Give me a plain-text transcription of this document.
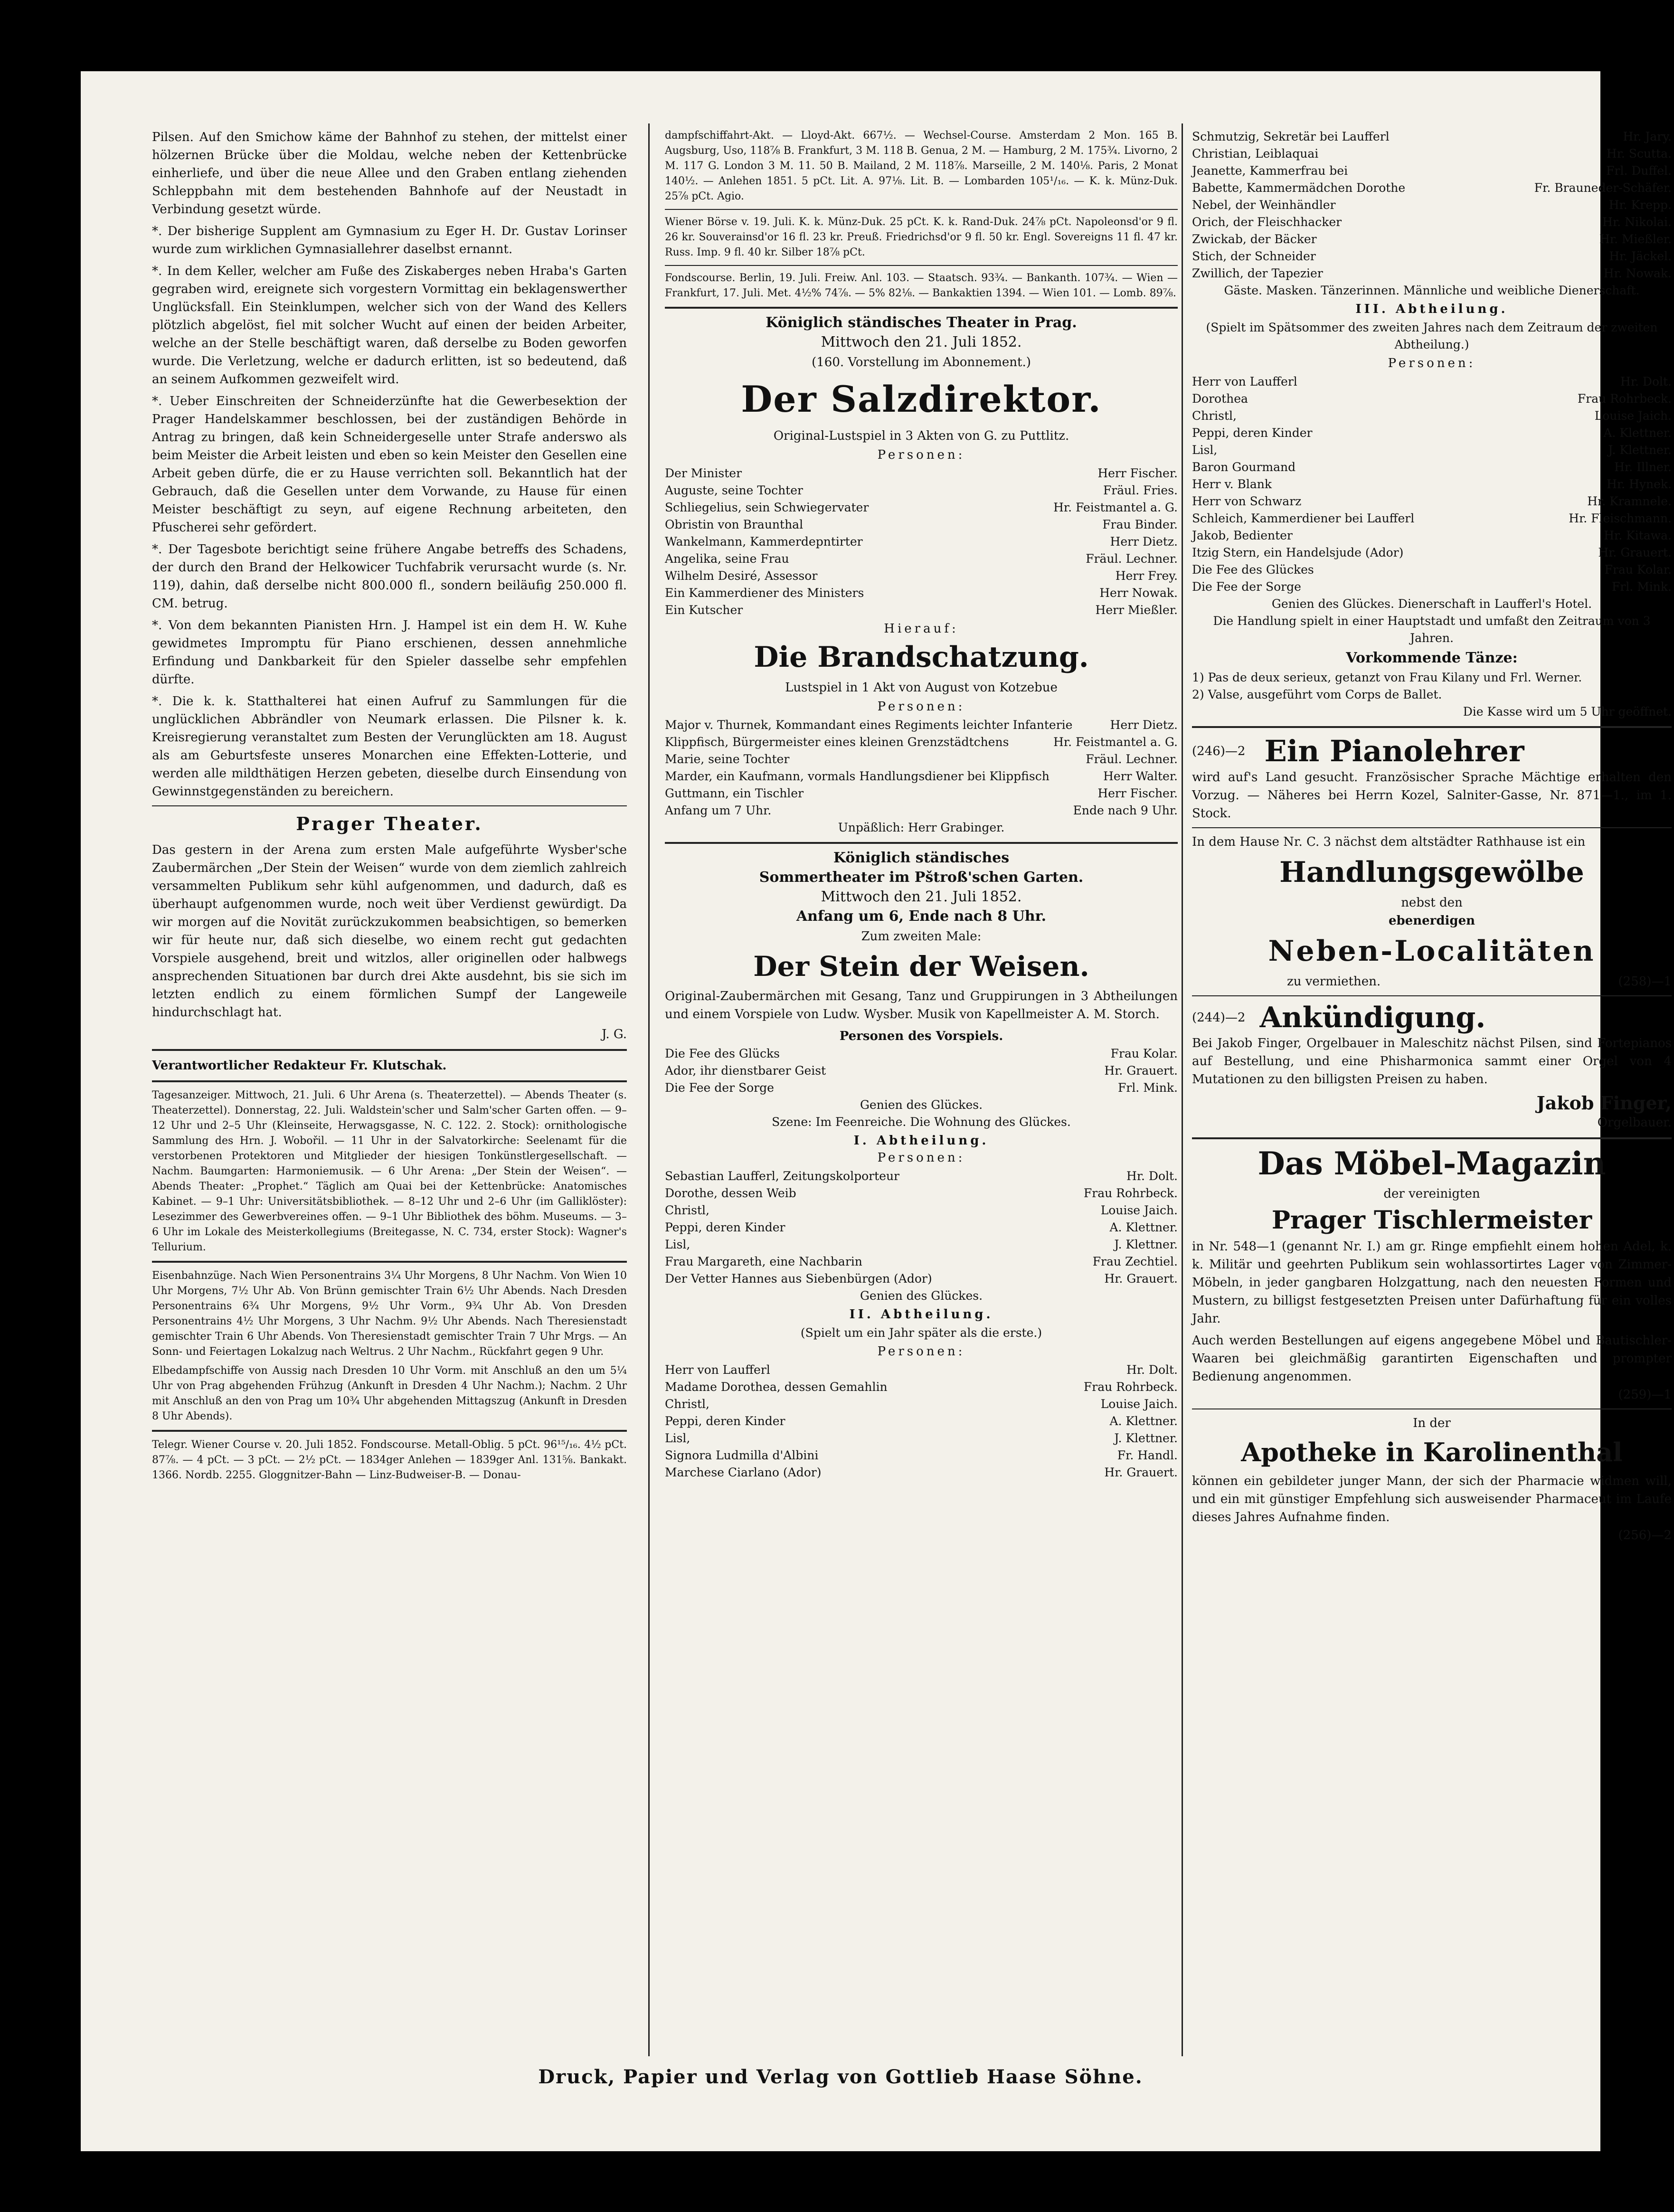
Pilsen. Auf den Smichow käme der Bahnhof zu stehen, der mittelst einer hölzernen Brücke über die Moldau, welche neben der Kettenbrücke einherliefe, und über die neue Allee und den Graben entlang ziehenden Schleppbahn mit dem bestehenden Bahnhofe auf der Neustadt in Verbindung gesetzt würde.

*. Der bisherige Supplent am Gymnasium zu Eger H. Dr. Gustav Lorinser wurde zum wirklichen Gymnasiallehrer daselbst ernannt.

*. In dem Keller, welcher am Fuße des Ziskaberges neben Hraba's Garten gegraben wird, ereignete sich vorgestern Vormittag ein beklagenswerther Unglücksfall. Ein Steinklumpen, welcher sich von der Wand des Kellers plötzlich abgelöst, fiel mit solcher Wucht auf einen der beiden Arbeiter, welche an der Stelle beschäftigt waren, daß derselbe zu Boden geworfen wurde. Die Verletzung, welche er dadurch erlitten, ist so bedeutend, daß an seinem Aufkommen gezweifelt wird.

*. Ueber Einschreiten der Schneiderzünfte hat die Gewerbesektion der Prager Handelskammer beschlossen, bei der zuständigen Behörde in Antrag zu bringen, daß kein Schneidergeselle unter Strafe anderswo als beim Meister die Arbeit leisten und eben so kein Meister den Gesellen eine Arbeit geben dürfe, die er zu Hause verrichten soll. Bekanntlich hat der Gebrauch, daß die Gesellen unter dem Vorwande, zu Hause für einen Meister beschäftigt zu seyn, auf eigene Rechnung arbeiteten, den Pfuscherei sehr gefördert.

*. Der Tagesbote berichtigt seine frühere Angabe betreffs des Schadens, der durch den Brand der Helkowicer Tuchfabrik verursacht wurde (s. Nr. 119), dahin, daß derselbe nicht 800.000 fl., sondern beiläufig 250.000 fl. CM. betrug.

*. Von dem bekannten Pianisten Hrn. J. Hampel ist ein dem H. W. Kuhe gewidmetes Impromptu für Piano erschienen, dessen annehmliche Erfindung und Dankbarkeit für den Spieler dasselbe sehr empfehlen dürfte.

*. Die k. k. Statthalterei hat einen Aufruf zu Sammlungen für die unglücklichen Abbrändler von Neumark erlassen. Die Pilsner k. k. Kreisregierung veranstaltet zum Besten der Verunglückten am 18. August als am Geburtsfeste unseres Monarchen eine Effekten-Lotterie, und werden alle mildthätigen Herzen gebeten, dieselbe durch Einsendung von Gewinnstgegenständen zu bereichern.

Prager Theater.

Das gestern in der Arena zum ersten Male aufgeführte Wysber'sche Zaubermärchen „Der Stein der Weisen“ wurde von dem ziemlich zahlreich versammelten Publikum sehr kühl aufgenommen, und dadurch, daß es überhaupt aufgenommen wurde, noch weit über Verdienst gewürdigt. Da wir morgen auf die Novität zurückzukommen beabsichtigen, so bemerken wir für heute nur, daß sich dieselbe, wo einem recht gut gedachten Vorspiele ausgehend, breit und witzlos, aller originellen oder halbwegs ansprechenden Situationen bar durch drei Akte ausdehnt, bis sie sich im letzten endlich zu einem förmlichen Sumpf der Langeweile hindurchschlagt hat.

J. G.

Verantwortlicher Redakteur Fr. Klutschak.

Tagesanzeiger. Mittwoch, 21. Juli. 6 Uhr Arena (s. Theaterzettel). — Abends Theater (s. Theaterzettel). Donnerstag, 22. Juli. Waldstein'scher und Salm'scher Garten offen. — 9–12 Uhr und 2–5 Uhr (Kleinseite, Herwagsgasse, N. C. 122. 2. Stock): ornithologische Sammlung des Hrn. J. Wobořil. — 11 Uhr in der Salvatorkirche: Seelenamt für die verstorbenen Protektoren und Mitglieder der hiesigen Tonkünstlergesellschaft. — Nachm. Baumgarten: Harmoniemusik. — 6 Uhr Arena: „Der Stein der Weisen“. — Abends Theater: „Prophet.“ Täglich am Quai bei der Kettenbrücke: Anatomisches Kabinet. — 9–1 Uhr: Universitätsbibliothek. — 8–12 Uhr und 2–6 Uhr (im Galliklöster): Lesezimmer des Gewerbvereines offen. — 9–1 Uhr Bibliothek des böhm. Museums. — 3–6 Uhr im Lokale des Meisterkollegiums (Breitegasse, N. C. 734, erster Stock): Wagner's Tellurium.

Eisenbahnzüge. Nach Wien Personentrains 3¼ Uhr Morgens, 8 Uhr Nachm. Von Wien 10 Uhr Morgens, 7½ Uhr Ab. Von Brünn gemischter Train 6½ Uhr Abends. Nach Dresden Personentrains 6¾ Uhr Morgens, 9½ Uhr Vorm., 9¾ Uhr Ab. Von Dresden Personentrains 4½ Uhr Morgens, 3 Uhr Nachm. 9½ Uhr Abends. Nach Theresienstadt gemischter Train 6 Uhr Abends. Von Theresienstadt gemischter Train 7 Uhr Mrgs. — An Sonn- und Feiertagen Lokalzug nach Weltrus. 2 Uhr Nachm., Rückfahrt gegen 9 Uhr.

Elbedampfschiffe von Aussig nach Dresden 10 Uhr Vorm. mit Anschluß an den um 5¼ Uhr von Prag abgehenden Frühzug (Ankunft in Dresden 4 Uhr Nachm.); Nachm. 2 Uhr mit Anschluß an den von Prag um 10¾ Uhr abgehenden Mittagszug (Ankunft in Dresden 8 Uhr Abends).

Telegr. Wiener Course v. 20. Juli 1852. Fondscourse. Metall-Oblig. 5 pCt. 96¹⁵/₁₆. 4½ pCt. 87⅞. — 4 pCt. — 3 pCt. — 2½ pCt. — 1834ger Anlehen — 1839ger Anl. 131⅝. Bankakt. 1366. Nordb. 2255. Gloggnitzer-Bahn — Linz-Budweiser-B. — Donau-

dampfschiffahrt-Akt. — Lloyd-Akt. 667½. — Wechsel-Course. Amsterdam 2 Mon. 165 B. Augsburg, Uso, 118⅞ B. Frankfurt, 3 M. 118 B. Genua, 2 M. — Hamburg, 2 M. 175¾. Livorno, 2 M. 117 G. London 3 M. 11. 50 B. Mailand, 2 M. 118⅞. Marseille, 2 M. 140⅛. Paris, 2 Monat 140½. — Anlehen 1851. 5 pCt. Lit. A. 97⅛. Lit. B. — Lombarden 105¹/₁₆. — K. k. Münz-Duk. 25⅞ pCt. Agio.

Wiener Börse v. 19. Juli. K. k. Münz-Duk. 25 pCt. K. k. Rand-Duk. 24⅞ pCt. Napoleonsd'or 9 fl. 26 kr. Souverainsd'or 16 fl. 23 kr. Preuß. Friedrichsd'or 9 fl. 50 kr. Engl. Sovereigns 11 fl. 47 kr. Russ. Imp. 9 fl. 40 kr. Silber 18⅞ pCt.

Fondscourse. Berlin, 19. Juli. Freiw. Anl. 103. — Staatsch. 93¾. — Bankanth. 107¾. — Wien — Frankfurt, 17. Juli. Met. 4½% 74⅞. — 5% 82⅛. — Bankaktien 1394. — Wien 101. — Lomb. 89⅞.

Königlich ständisches Theater in Prag.
Mittwoch den 21. Juli 1852.
(160. Vorstellung im Abonnement.)
Der Salzdirektor.
Original-Lustspiel in 3 Akten von G. zu Puttlitz.
Personen:
Der Minister	Herr Fischer.
Auguste, seine Tochter	Fräul. Fries.
Schliegelius, sein Schwiegervater	Hr. Feistmantel a. G.
Obristin von Braunthal	Frau Binder.
Wankelmann, Kammerdepntirter	Herr Dietz.
Angelika, seine Frau	Fräul. Lechner.
Wilhelm Desiré, Assessor	Herr Frey.
Ein Kammerdiener des Ministers	Herr Nowak.
Ein Kutscher	Herr Mießler.
Hierauf:
Die Brandschatzung.
Lustspiel in 1 Akt von August von Kotzebue
Personen:
Major v. Thurnek, Kommandant eines Regiments leichter Infanterie	Herr Dietz.
Klippfisch, Bürgermeister eines kleinen Grenzstädtchens	Hr. Feistmantel a. G.
Marie, seine Tochter	Fräul. Lechner.
Marder, ein Kaufmann, vormals Handlungsdiener bei Klippfisch	Herr Walter.
Guttmann, ein Tischler	Herr Fischer.
Anfang um 7 Uhr.	Ende nach 9 Uhr.
Unpäßlich: Herr Grabinger.
Königlich ständisches
Sommertheater im Pštroß'schen Garten.
Mittwoch den 21. Juli 1852.
Anfang um 6, Ende nach 8 Uhr.
Zum zweiten Male:
Der Stein der Weisen.

Original-Zaubermärchen mit Gesang, Tanz und Gruppirungen in 3 Abtheilungen und einem Vorspiele von Ludw. Wysber. Musik von Kapellmeister A. M. Storch.

Personen des Vorspiels.
Die Fee des Glücks	Frau Kolar.
Ador, ihr dienstbarer Geist	Hr. Grauert.
Die Fee der Sorge	Frl. Mink.
Genien des Glückes.
Szene: Im Feenreiche. Die Wohnung des Glückes.
I. Abtheilung.
Personen:
Sebastian Laufferl, Zeitungskolporteur	Hr. Dolt.
Dorothe, dessen Weib	Frau Rohrbeck.
Christl,	Louise Jaich.
Peppi, deren Kinder	A. Klettner.
Lisl,	J. Klettner.
Frau Margareth, eine Nachbarin	Frau Zechtiel.
Der Vetter Hannes aus Siebenbürgen (Ador)	Hr. Grauert.
Genien des Glückes.
II. Abtheilung.
(Spielt um ein Jahr später als die erste.)
Personen:
Herr von Laufferl	Hr. Dolt.
Madame Dorothea, dessen Gemahlin	Frau Rohrbeck.
Christl,	Louise Jaich.
Peppi, deren Kinder	A. Klettner.
Lisl,	J. Klettner.
Signora Ludmilla d'Albini	Fr. Handl.
Marchese Ciarlano (Ador)	Hr. Grauert.
Schmutzig, Sekretär bei Laufferl	Hr. Jary.
Christian, Leiblaquai	Hr. Scutta.
Jeanette, Kammerfrau bei	Frl. Duffel.
Babette, Kammermädchen Dorothe	Fr. Brauneder-Schäfer.
Nebel, der Weinhändler	Hr. Krepp.
Orich, der Fleischhacker	Hr. Nikolai.
Zwickab, der Bäcker	Hr. Mießler.
Stich, der Schneider	Hr. Jäckel.
Zwillich, der Tapezier	Hr. Nowak.
Gäste. Masken. Tänzerinnen. Männliche und weibliche Dienerschaft.
III. Abtheilung.
(Spielt im Spätsommer des zweiten Jahres nach dem Zeitraum der zweiten Abtheilung.)
Personen:
Herr von Laufferl	Hr. Dolt.
Dorothea	Frau Rohrbeck.
Christl,	Louise Jaich.
Peppi, deren Kinder	A. Klettner.
Lisl,	J. Klettner.
Baron Gourmand	Hr. Illner.
Herr v. Blank	Hr. Hynek.
Herr von Schwarz	Hr. Kramnele.
Schleich, Kammerdiener bei Laufferl	Hr. Fleischmann.
Jakob, Bedienter	Hr. Kitawa.
Itzig Stern, ein Handelsjude (Ador)	Hr. Grauert.
Die Fee des Glückes	Frau Kolar.
Die Fee der Sorge	Frl. Mink.
Genien des Glückes. Dienerschaft in Laufferl's Hotel.
Die Handlung spielt in einer Hauptstadt und umfaßt den Zeitraum von 3 Jahren.
Vorkommende Tänze:

1) Pas de deux serieux, getanzt von Frau Kilany und Frl. Werner.

2) Valse, ausgeführt vom Corps de Ballet.

Die Kasse wird um 5 Uhr geöffnet.

(246)—2 Ein Pianolehrer

wird auf's Land gesucht. Französischer Sprache Mächtige erhalten den Vorzug. — Näheres bei Herrn Kozel, Salniter-Gasse, Nr. 871—1., im 1. Stock.

In dem Hause Nr. C. 3 nächst dem altstädter Rathhause ist ein

Handlungsgewölbe
nebst den
ebenerdigen
Neben-Localitäten
zu vermiethen.	(258)—1
(244)—2 Ankündigung.

Bei Jakob Finger, Orgelbauer in Maleschitz nächst Pilsen, sind Fortepianos auf Bestellung, und eine Phisharmonica sammt einer Orgel von 4 Mutationen zu den billigsten Preisen zu haben.

Jakob Finger,

Orgelbauer.

Das Möbel-Magazin
der vereinigten
Prager Tischlermeister

in Nr. 548—1 (genannt Nr. I.) am gr. Ringe empfiehlt einem hohen Adel, k. k. Militär und geehrten Publikum sein wohlassortirtes Lager von Zimmer-Möbeln, in jeder gangbaren Holzgattung, nach den neuesten Formen und Mustern, zu billigst festgesetzten Preisen unter Dafürhaftung für ein volles Jahr.

Auch werden Bestellungen auf eigens angegebene Möbel und Bautischler-Waaren bei gleichmäßig garantirten Eigenschaften und prompter Bedienung angenommen.

(259)—1

In der
Apotheke in Karolinenthal

können ein gebildeter junger Mann, der sich der Pharmacie widmen will, und ein mit günstiger Empfehlung sich ausweisender Pharmaceut im Laufe dieses Jahres Aufnahme finden.

(256)—2

Druck, Papier und Verlag von Gottlieb Haase Söhne.
